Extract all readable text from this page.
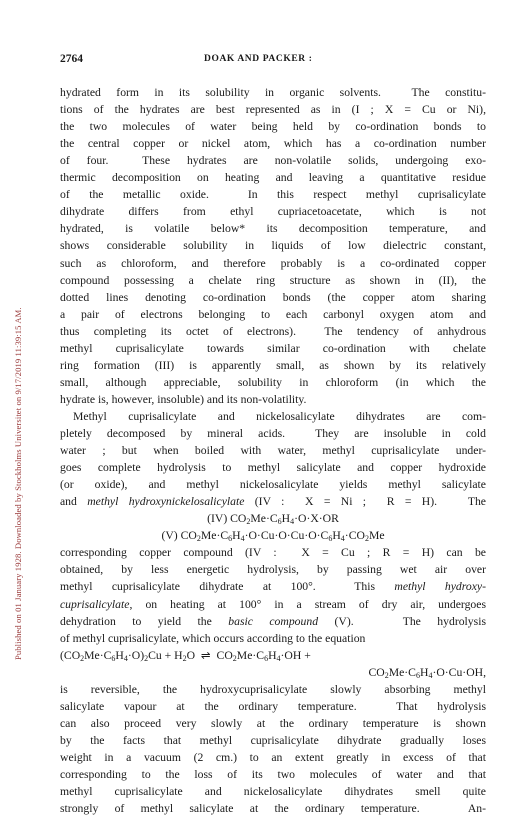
Published on 01 January 1928. Downloaded by Stockholms Universitet on 9/17/2019 11:39:15 AM.
2764	DOAK AND PACKER :
hydrated form in its solubility in organic solvents.  The constitu-
tions of the hydrates are best represented as in (I ; X = Cu or Ni),
the two molecules of water being held by co-ordination bonds to
the central copper or nickel atom, which has a co-ordination number
of four.  These hydrates are non-volatile solids, undergoing exo-
thermic decomposition on heating and leaving a quantitative residue
of the metallic oxide.  In this respect methyl cuprisalicylate
dihydrate differs from ethyl cupriacetoacetate, which is not
hydrated, is volatile below* its decomposition temperature, and
shows considerable solubility in liquids of low dielectric constant,
such as chloroform, and therefore probably is a co-ordinated copper
compound possessing a chelate ring structure as shown in (II), the
dotted lines denoting co-ordination bonds (the copper atom sharing
a pair of electrons belonging to each carbonyl oxygen atom and
thus completing its octet of electrons).  The tendency of anhydrous
methyl cuprisalicylate towards similar co-ordination with chelate
ring formation (III) is apparently small, as shown by its relatively
small, although appreciable, solubility in chloroform (in which the
hydrate is, however, insoluble) and its non-volatility.
Methyl cuprisalicylate and nickelosalicylate dihydrates are com-
pletely decomposed by mineral acids.  They are insoluble in cold
water ; but when boiled with water, methyl cuprisalicylate under-
goes complete hydrolysis to methyl salicylate and copper hydroxide
(or oxide), and methyl nickelosalicylate yields methyl salicylate
and methyl hydroxynickelosalicylate (IV :  X = Ni ;  R = H).   The
(IV) $CO_2Me\cdot C_6H_4\cdot O\cdot X\cdot OR$
(V) $CO_2Me\cdot C_6H_4\cdot O\cdot Cu\cdot O\cdot Cu\cdot O\cdot C_6H_4\cdot CO_2Me$
corresponding copper compound (IV :  X = Cu ; R = H) can be
obtained, by less energetic hydrolysis, by passing wet air over
methyl cuprisalicylate dihydrate at 100°.  This methyl hydroxy-
cuprisalicylate, on heating at 100° in a stream of dry air, undergoes
dehydration to yield the basic compound (V).   The hydrolysis
of methyl cuprisalicylate, which occurs according to the equation
$(CO_2Me\cdot C_6H_4\cdot O)_2Cu + H_2O$  ⇌  $CO_2Me\cdot C_6H_4\cdot OH$ +
$CO_2Me\cdot C_6H_4\cdot O\cdot Cu\cdot OH$,
is reversible, the hydroxycuprisalicylate slowly absorbing methyl
salicylate vapour at the ordinary temperature.  That hydrolysis
can also proceed very slowly at the ordinary temperature is shown
by the facts that methyl cuprisalicylate dihydrate gradually loses
weight in a vacuum (2 cm.) to an extent greatly in excess of that
corresponding to the loss of its two molecules of water and that
methyl cuprisalicylate and nickelosalicylate dihydrates smell quite
strongly of methyl salicylate at the ordinary temperature.   An-
